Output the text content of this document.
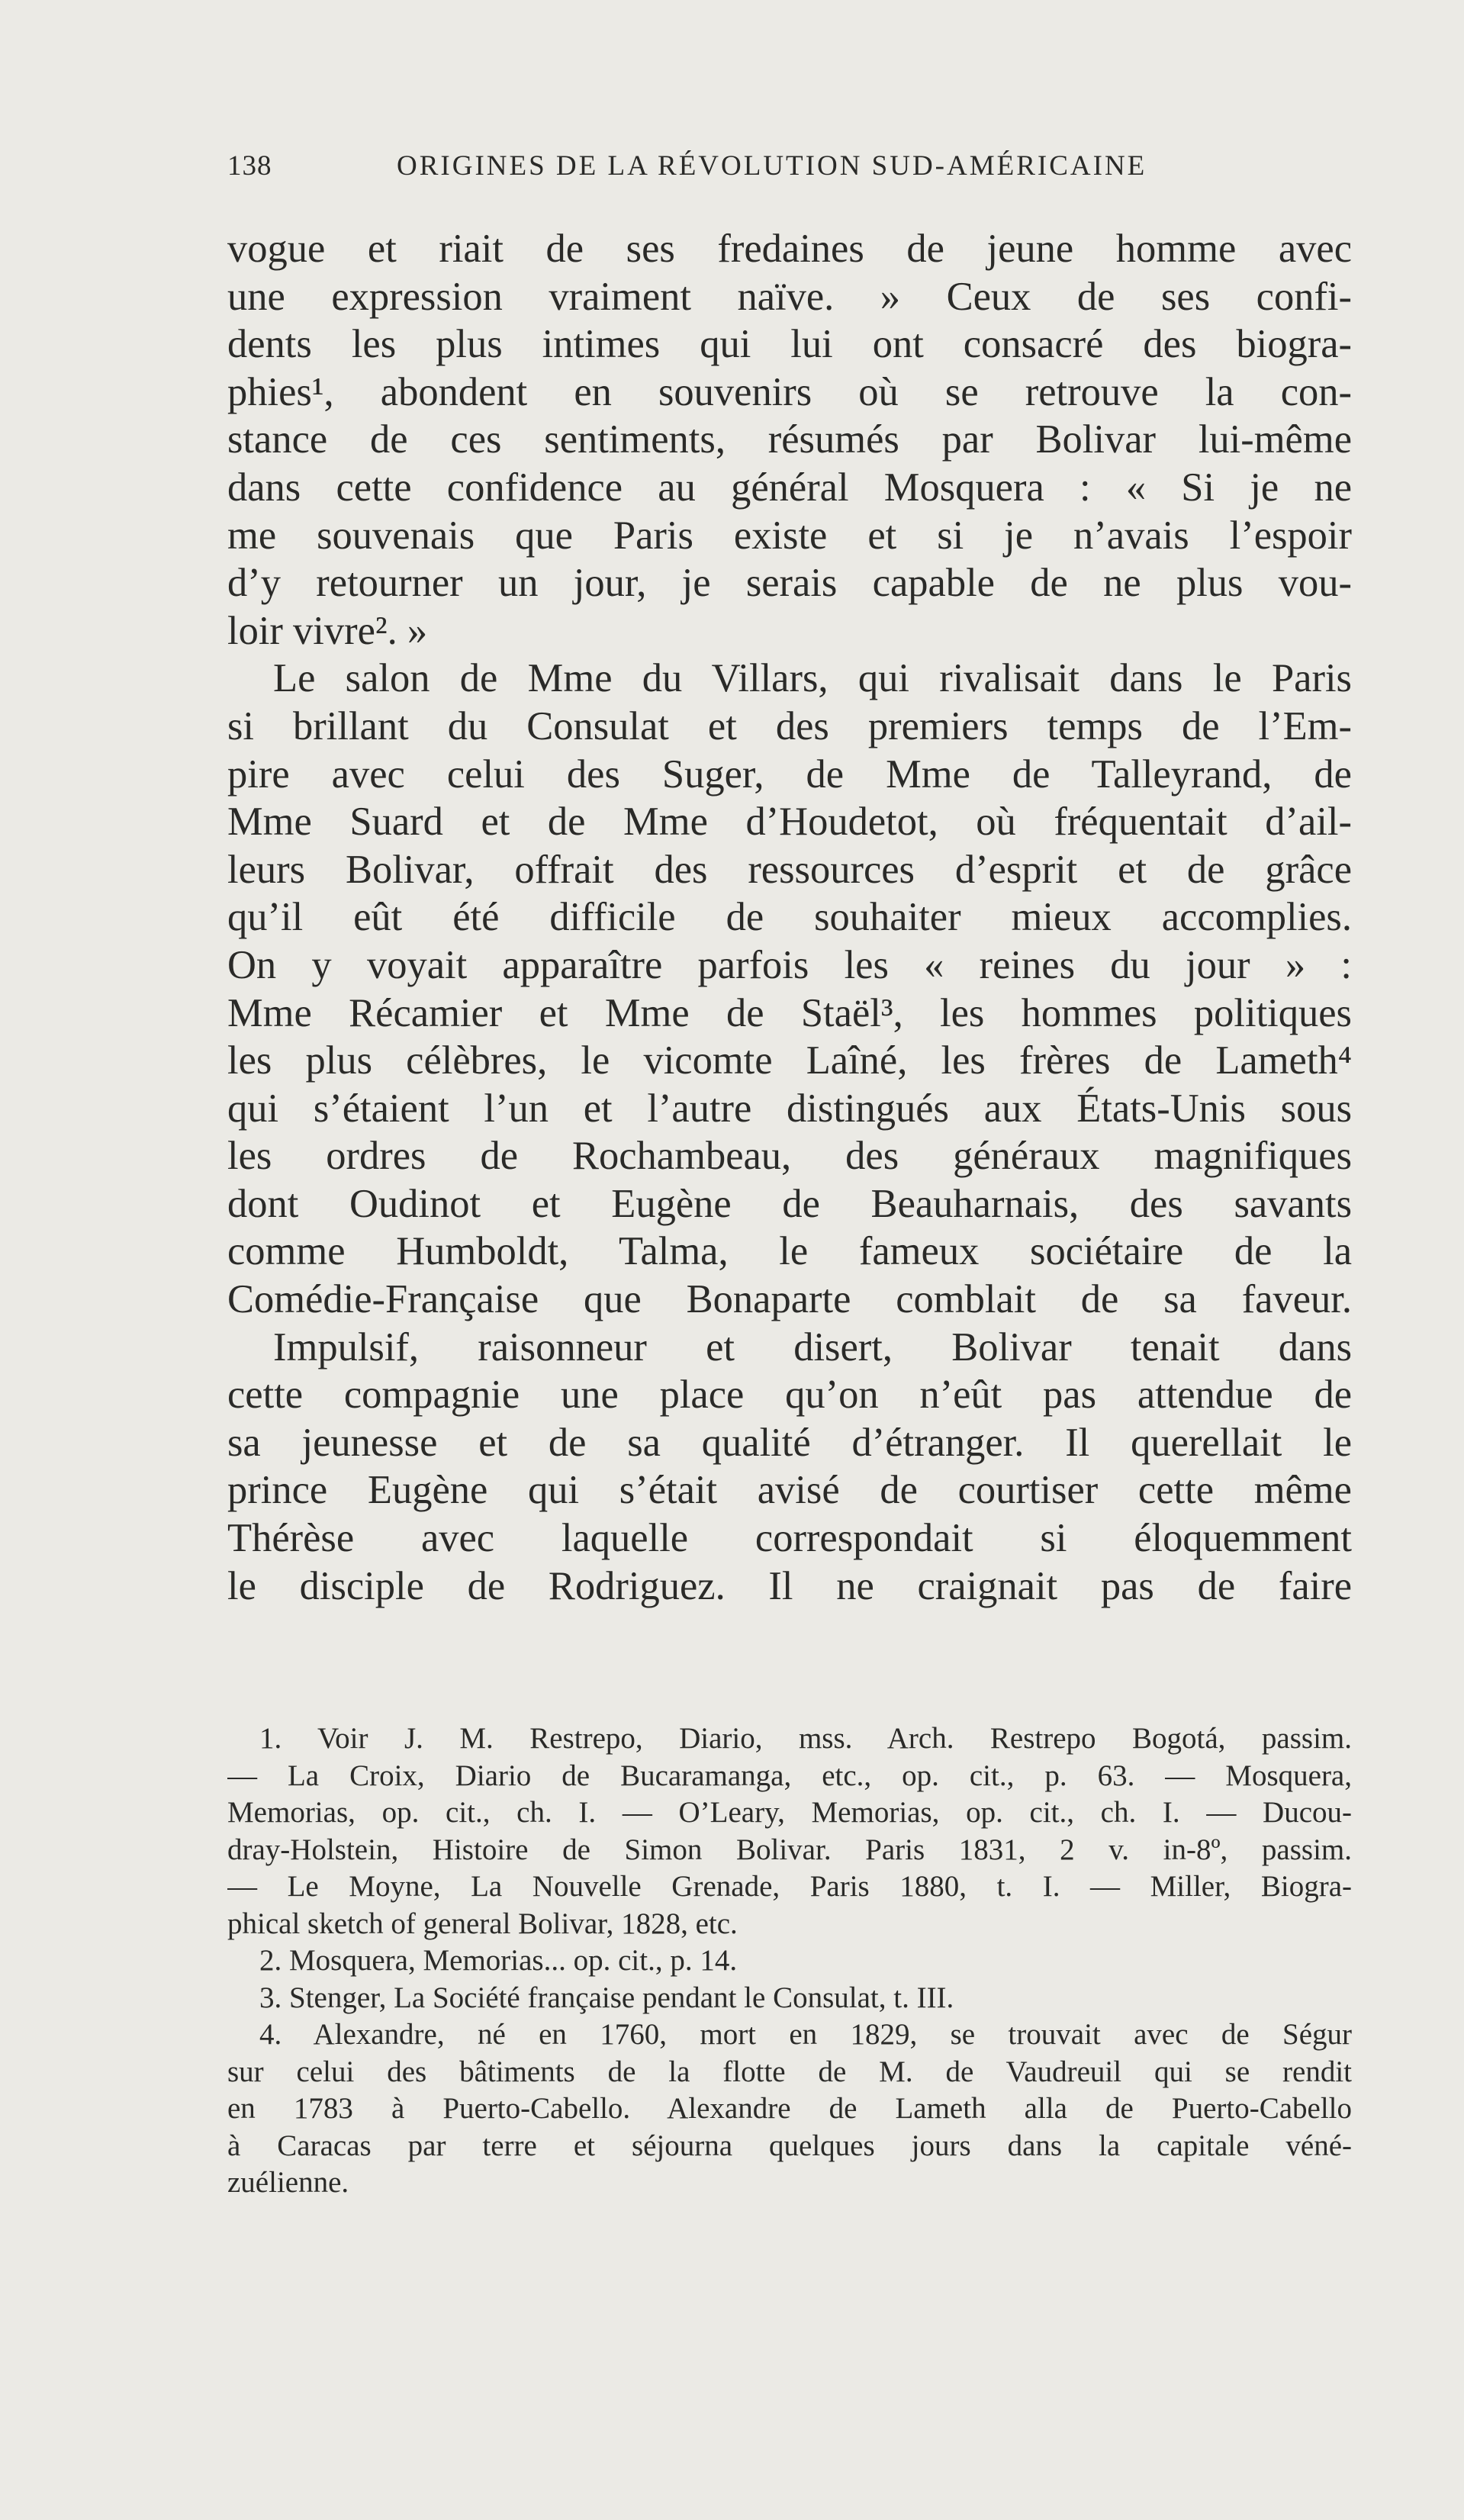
138	ORIGINES DE LA RÉVOLUTION SUD-AMÉRICAINE
vogue et riait de ses fredaines de jeune homme avec
une expression vraiment naïve. » Ceux de ses confi-
dents les plus intimes qui lui ont consacré des biogra-
phies¹, abondent en souvenirs où se retrouve la con-
stance de ces sentiments, résumés par Bolivar lui-même
dans cette confidence au général Mosquera : « Si je ne
me souvenais que Paris existe et si je n’avais l’espoir
d’y retourner un jour, je serais capable de ne plus vou-
loir vivre². »
Le salon de Mme du Villars, qui rivalisait dans le Paris
si brillant du Consulat et des premiers temps de l’Em-
pire avec celui des Suger, de Mme de Talleyrand, de
Mme Suard et de Mme d’Houdetot, où fréquentait d’ail-
leurs Bolivar, offrait des ressources d’esprit et de grâce
qu’il eût été difficile de souhaiter mieux accomplies.
On y voyait apparaître parfois les « reines du jour » :
Mme Récamier et Mme de Staël³, les hommes politiques
les plus célèbres, le vicomte Laîné, les frères de Lameth⁴
qui s’étaient l’un et l’autre distingués aux États-Unis sous
les ordres de Rochambeau, des généraux magnifiques
dont Oudinot et Eugène de Beauharnais, des savants
comme Humboldt, Talma, le fameux sociétaire de la
Comédie-Française que Bonaparte comblait de sa faveur.
Impulsif, raisonneur et disert, Bolivar tenait dans
cette compagnie une place qu’on n’eût pas attendue de
sa jeunesse et de sa qualité d’étranger. Il querellait le
prince Eugène qui s’était avisé de courtiser cette même
Thérèse avec laquelle correspondait si éloquemment
le disciple de Rodriguez. Il ne craignait pas de faire
1. Voir J. M. Restrepo, Diario, mss. Arch. Restrepo Bogotá, passim.
— La Croix, Diario de Bucaramanga, etc., op. cit., p. 63. — Mosquera,
Memorias, op. cit., ch. I. — O’Leary, Memorias, op. cit., ch. I. — Ducou-
dray-Holstein, Histoire de Simon Bolivar. Paris 1831, 2 v. in-8º, passim.
— Le Moyne, La Nouvelle Grenade, Paris 1880, t. I. — Miller, Biogra-
phical sketch of general Bolivar, 1828, etc.
2. Mosquera, Memorias... op. cit., p. 14.
3. Stenger, La Société française pendant le Consulat, t. III.
4. Alexandre, né en 1760, mort en 1829, se trouvait avec de Ségur
sur celui des bâtiments de la flotte de M. de Vaudreuil qui se rendit
en 1783 à Puerto-Cabello. Alexandre de Lameth alla de Puerto-Cabello
à Caracas par terre et séjourna quelques jours dans la capitale véné-
zuélienne.
